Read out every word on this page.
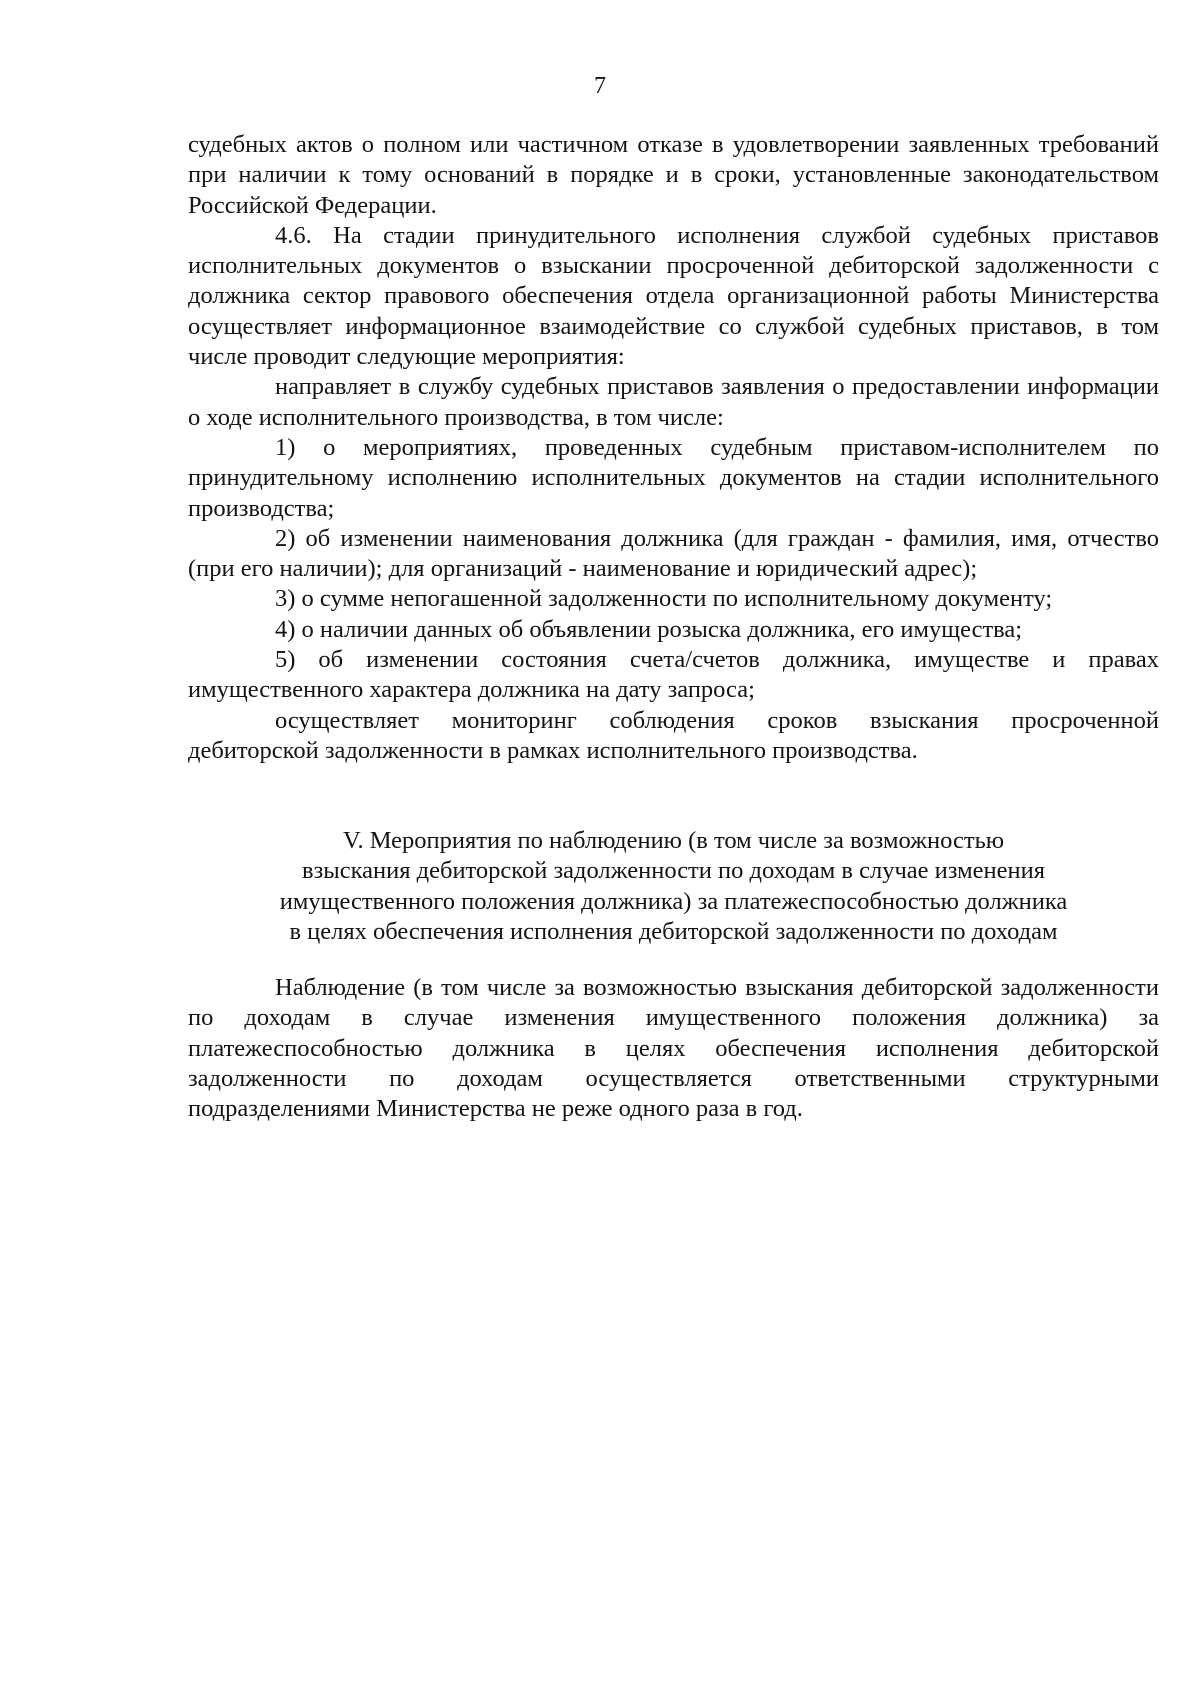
7

судебных актов о полном или частичном отказе в удовлетворении заявленных требований при наличии к тому оснований в порядке и в сроки, установленные законодательством Российской Федерации.

4.6. На стадии принудительного исполнения службой судебных приставов исполнительных документов о взыскании просроченной дебиторской задолженности с должника сектор правового обеспечения отдела организационной работы Министерства осуществляет информационное взаимодействие со службой судебных приставов, в том числе проводит следующие мероприятия:

направляет в службу судебных приставов заявления о предоставлении информации о ходе исполнительного производства, в том числе:

1) о мероприятиях, проведенных судебным приставом-исполнителем по принудительному исполнению исполнительных документов на стадии исполнительного производства;

2) об изменении наименования должника (для граждан - фамилия, имя, отчество (при его наличии); для организаций - наименование и юридический адрес);

3) о сумме непогашенной задолженности по исполнительному документу;

4) о наличии данных об объявлении розыска должника, его имущества;

5) об изменении состояния счета/счетов должника, имуществе и правах имущественного характера должника на дату запроса;

осуществляет мониторинг соблюдения сроков взыскания просроченной дебиторской задолженности в рамках исполнительного производства.

V. Мероприятия по наблюдению (в том числе за возможностью
взыскания дебиторской задолженности по доходам в случае изменения
имущественного положения должника) за платежеспособностью должника
в целях обеспечения исполнения дебиторской задолженности по доходам

Наблюдение (в том числе за возможностью взыскания дебиторской задолженности по доходам в случае изменения имущественного положения должника) за платежеспособностью должника в целях обеспечения исполнения дебиторской задолженности по доходам осуществляется ответственными структурными подразделениями Министерства не реже одного раза в год.
